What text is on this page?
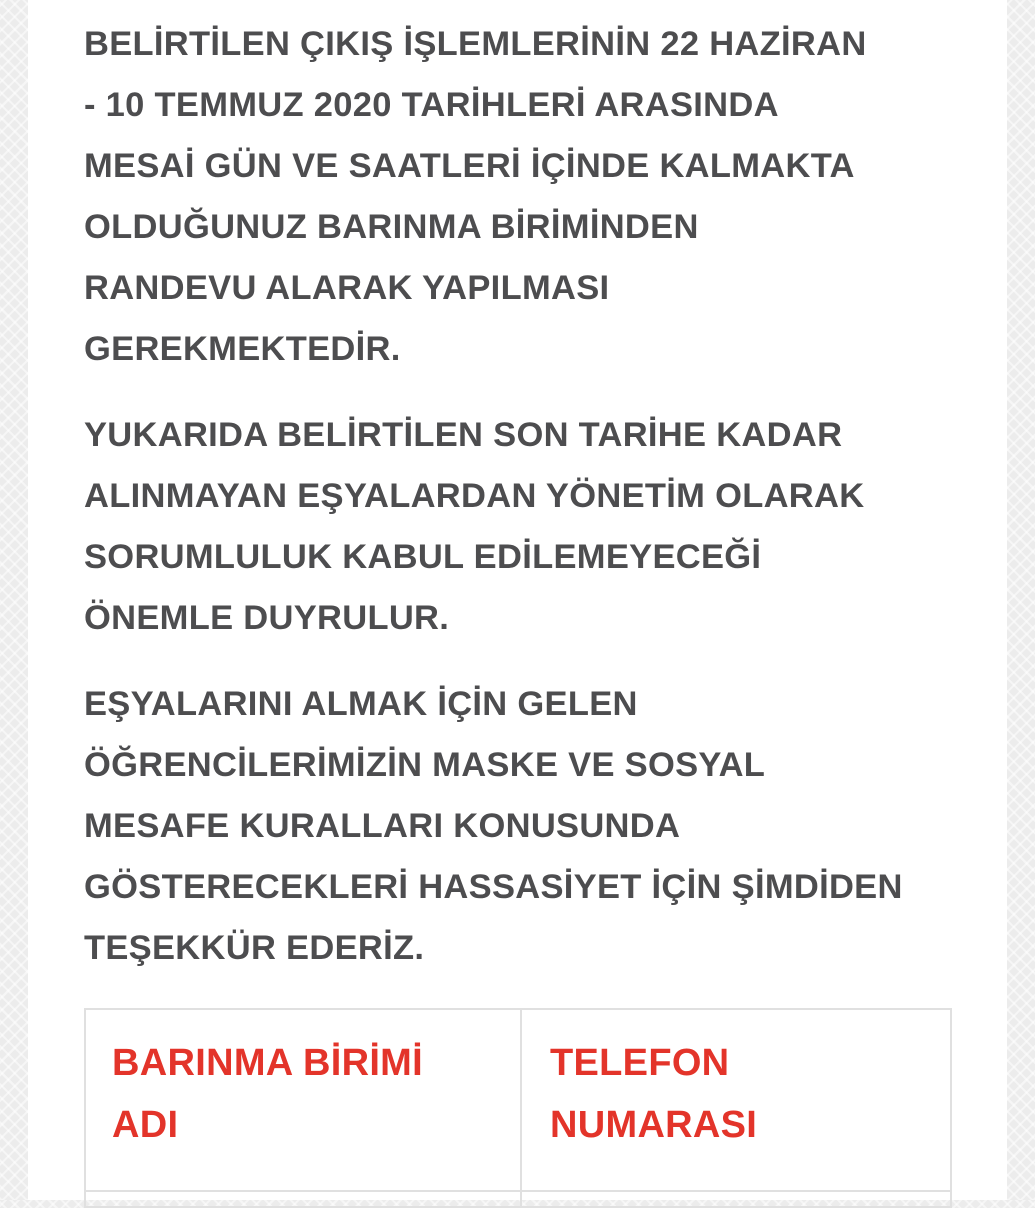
BELİRTİLEN ÇIKIŞ İŞLEMLERİNİN 22 HAZİRAN
- 10 TEMMUZ 2020 TARİHLERİ ARASINDA
MESAİ GÜN VE SAATLERİ İÇİNDE KALMAKTA
OLDUĞUNUZ BARINMA BİRİMİNDEN
RANDEVU ALARAK YAPILMASI
GEREKMEKTEDİR.

YUKARIDA BELİRTİLEN SON TARİHE KADAR
ALINMAYAN EŞYALARDAN YÖNETİM OLARAK
SORUMLULUK KABUL EDİLEMEYECEĞİ
ÖNEMLE DUYRULUR.

EŞYALARINI ALMAK İÇİN GELEN
ÖĞRENCİLERİMİZİN MASKE VE SOSYAL
MESAFE KURALLARI KONUSUNDA
GÖSTERECEKLERİ HASSASİYET İÇİN ŞİMDİDEN
TEŞEKKÜR EDERİZ.

BARINMA BİRİMİ
ADI
TELEFON
NUMARASI
